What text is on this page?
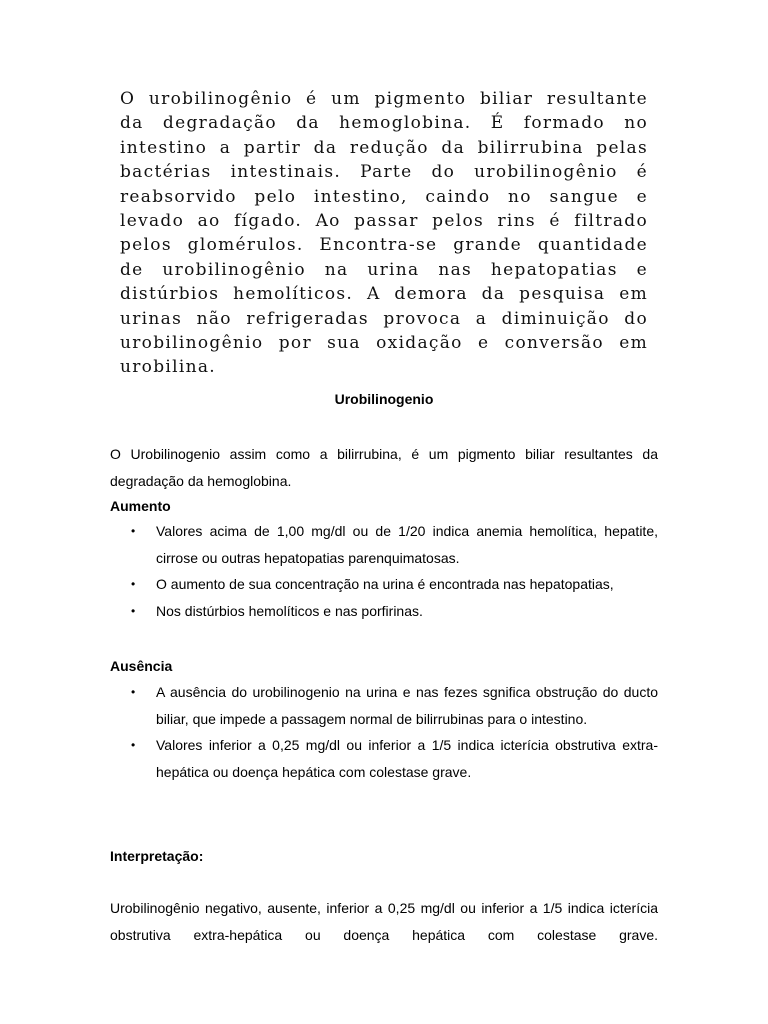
O urobilinogênio é um pigmento biliar resultante
da degradação da hemoglobina. É formado no
intestino a partir da redução da bilirrubina pelas
bactérias intestinais. Parte do urobilinogênio é
reabsorvido pelo intestino, caindo no sangue e
levado ao fígado. Ao passar pelos rins é filtrado
pelos glomérulos. Encontra-se grande quantidade
de urobilinogênio na urina nas hepatopatias e
distúrbios hemolíticos. A demora da pesquisa em
urinas não refrigeradas provoca a diminuição do
urobilinogênio por sua oxidação e conversão em
urobilina.
Urobilinogenio
O Urobilinogenio assim como a bilirrubina, é um pigmento biliar resultantes da degradação da hemoglobina.
Aumento
• Valores acima de 1,00 mg/dl ou de 1/20 indica anemia hemolítica, hepatite, cirrose ou outras hepatopatias parenquimatosas.
• O aumento de sua concentração na urina é encontrada nas hepatopatias,
• Nos distúrbios hemolíticos e nas porfirinas.
Ausência
• A ausência do urobilinogenio na urina e nas fezes sgnifica obstrução do ducto biliar, que impede a passagem normal de bilirrubinas para o intestino.
• Valores inferior a 0,25 mg/dl ou inferior a 1/5 indica icterícia obstrutiva extra-hepática ou doença hepática com colestase grave.
Interpretação:
Urobilinogênio negativo, ausente, inferior a 0,25 mg/dl ou inferior a 1/5 indica icterícia obstrutiva extra-hepática ou doença hepática com colestase grave.
